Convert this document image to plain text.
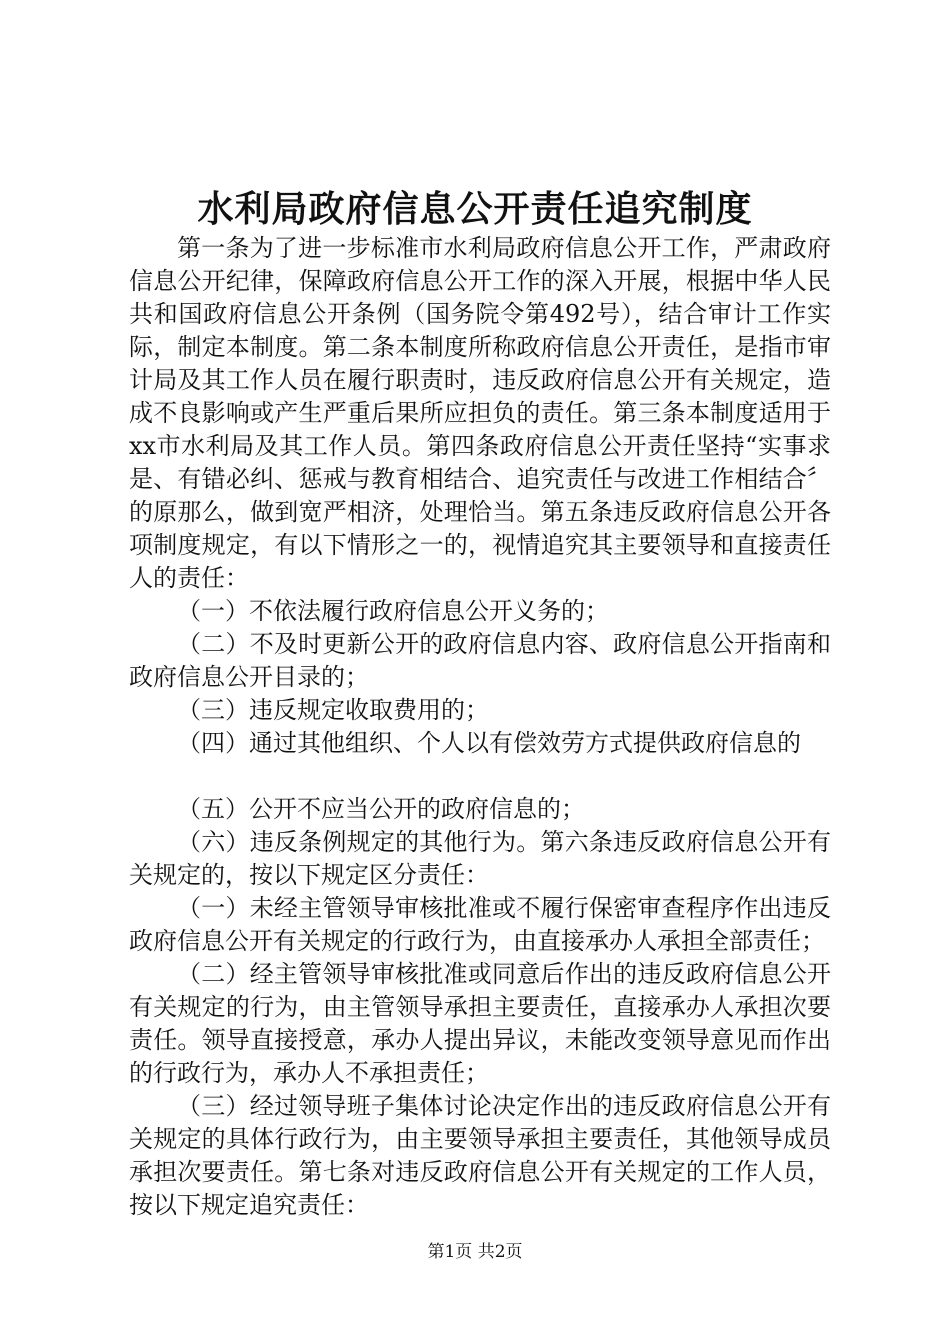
水利局政府信息公开责任追究制度

第一条为了进一步标准市水利局政府信息公开工作，严肃政府信息公开纪律，保障政府信息公开工作的深入开展，根据中华人民共和国政府信息公开条例（国务院令第492号），结合审计工作实际，制定本制度。第二条本制度所称政府信息公开责任，是指市审计局及其工作人员在履行职责时，违反政府信息公开有关规定，造成不良影响或产生严重后果所应担负的责任。第三条本制度适用于xx市水利局及其工作人员。第四条政府信息公开责任坚持“实事求是、有错必纠、惩戒与教育相结合、追究责任与改进工作相结合〞的原那么，做到宽严相济，处理恰当。第五条违反政府信息公开各项制度规定，有以下情形之一的，视情追究其主要领导和直接责任人的责任：

（一）不依法履行政府信息公开义务的；

（二）不及时更新公开的政府信息内容、政府信息公开指南和政府信息公开目录的；

（三）违反规定收取费用的；

（四）通过其他组织、个人以有偿效劳方式提供政府信息的

（五）公开不应当公开的政府信息的；

（六）违反条例规定的其他行为。第六条违反政府信息公开有关规定的，按以下规定区分责任：

（一）未经主管领导审核批准或不履行保密审查程序作出违反政府信息公开有关规定的行政行为，由直接承办人承担全部责任；

（二）经主管领导审核批准或同意后作出的违反政府信息公开有关规定的行为，由主管领导承担主要责任，直接承办人承担次要责任。领导直接授意，承办人提出异议，未能改变领导意见而作出的行政行为，承办人不承担责任；

（三）经过领导班子集体讨论决定作出的违反政府信息公开有关规定的具体行政行为，由主要领导承担主要责任，其他领导成员承担次要责任。第七条对违反政府信息公开有关规定的工作人员，按以下规定追究责任：

第1页 共2页
